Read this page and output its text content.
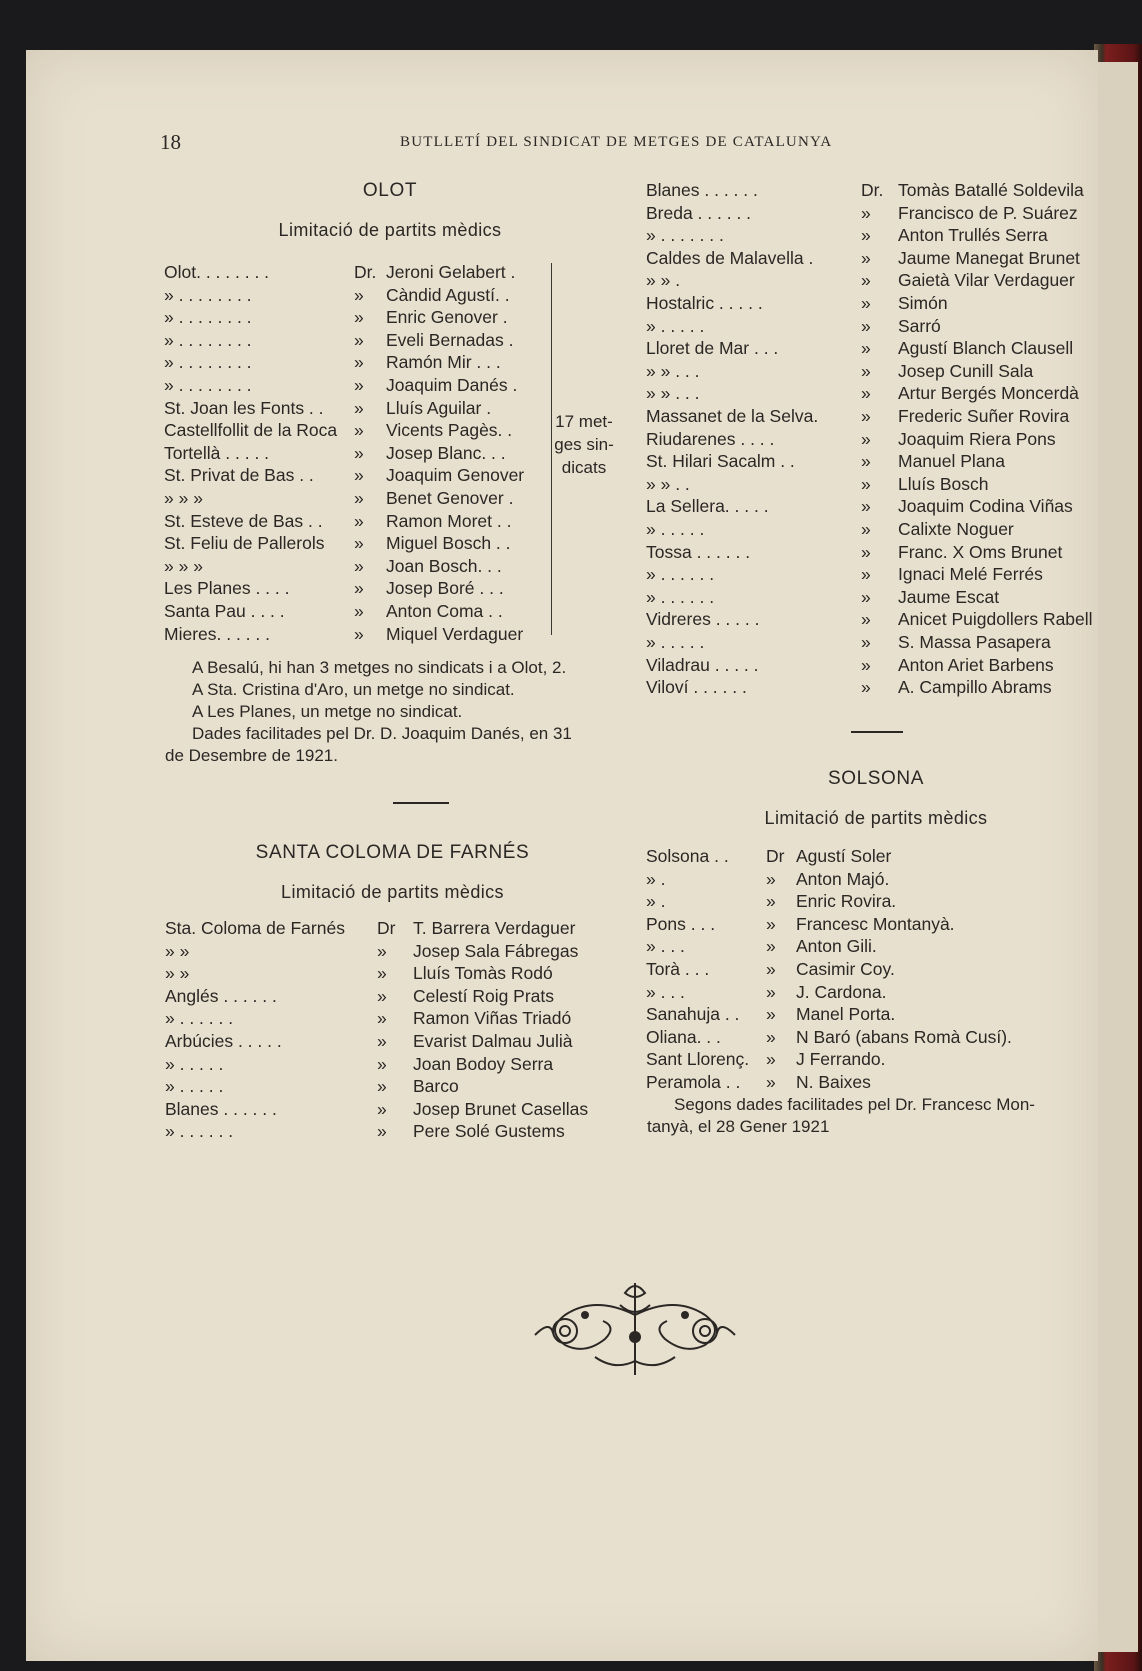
18	BUTLLETÍ DEL SINDICAT DE METGES DE CATALUNYA
OLOT
Limitació de partits mèdics
Olot. . . . . . . .	Dr. Jeroni Gelabert .
» . . . . . . . .	» Càndid Agustí. .
» . . . . . . . .	» Enric Genover .
» . . . . . . . .	» Eveli Bernadas .
» . . . . . . . .	» Ramón Mir . . .
» . . . . . . . .	» Joaquim Danés .
St. Joan les Fonts . . » Lluís Aguilar .
Castellfollit de la Roca » Vicents Pagès. .
Tortellà . . . . .	» Josep Blanc. . .
St. Privat de Bas . . » Joaquim Genover
» » »	» Benet Genover .
St. Esteve de Bas . . » Ramon Moret . .
St. Feliu de Pallerols » Miguel Bosch . .
» » »	» Joan Bosch. . .
Les Planes . . . .	» Josep Boré . . .
Santa Pau . . . .	» Anton Coma . .
Mieres. . . . . .	» Miquel Verdaguer
17 met-
ges sin-
dicats
A Besalú, hi han 3 metges no sindicats i a Olot, 2.
A Sta. Cristina d'Aro, un metge no sindicat.
A Les Planes, un metge no sindicat.
Dades facilitades pel Dr. D. Joaquim Danés, en 31
de Desembre de 1921.
SANTA COLOMA DE FARNÉS
Limitació de partits mèdics
Sta. Coloma de Farnés Dr T. Barrera Verdaguer
» »	» Josep Sala Fábregas
» »	» Lluís Tomàs Rodó
Anglés . . . . . .	» Celestí Roig Prats
» . . . . . .	» Ramon Viñas Triadó
Arbúcies . . . . .	» Evarist Dalmau Julià
» . . . . .	» Joan Bodoy Serra
» . . . . .	» Barco
Blanes . . . . . .	» Josep Brunet Casellas
» . . . . . .	» Pere Solé Gustems
Blanes . . . . . .	Dr. Tomàs Batallé Soldevila
Breda . . . . . .	» Francisco de P. Suárez
» . . . . . . .	» Anton Trullés Serra
Caldes de Malavella .	» Jaume Manegat Brunet
» » .	» Gaietà Vilar Verdaguer
Hostalric . . . . .	» Simón
» . . . . .	» Sarró
Lloret de Mar . . .	» Agustí Blanch Clausell
» » . . .	» Josep Cunill Sala
» » . . .	» Artur Bergés Moncerdà
Massanet de la Selva. » Frederic Suñer Rovira
Riudarenes . . . .	» Joaquim Riera Pons
St. Hilari Sacalm . .	» Manuel Plana
» » . .	» Lluís Bosch
La Sellera. . . . .	» Joaquim Codina Viñas
» . . . . .	» Calixte Noguer
Tossa . . . . . .	» Franc. X Oms Brunet
» . . . . . .	» Ignaci Melé Ferrés
» . . . . . .	» Jaume Escat
Vidreres . . . . .	» Anicet Puigdollers Rabell
» . . . . .	» S. Massa Pasapera
Viladrau . . . . .	» Anton Ariet Barbens
Viloví . . . . . .	» A. Campillo Abrams
SOLSONA
Limitació de partits mèdics
Solsona . . Dr Agustí Soler
» .	» Anton Majó.
» .	» Enric Rovira.
Pons . . .	» Francesc Montanyà.
» . . .	» Anton Gili.
Torà . . .	» Casimir Coy.
» . . .	» J. Cardona.
Sanahuja . . » Manel Porta.
Oliana. . .	» N Baró (abans Romà Cusí).
Sant Llorenç. » J Ferrando.
Peramola . . » N. Baixes
Segons dades facilitades pel Dr. Francesc Mon-
tanyà, el 28 Gener 1921
